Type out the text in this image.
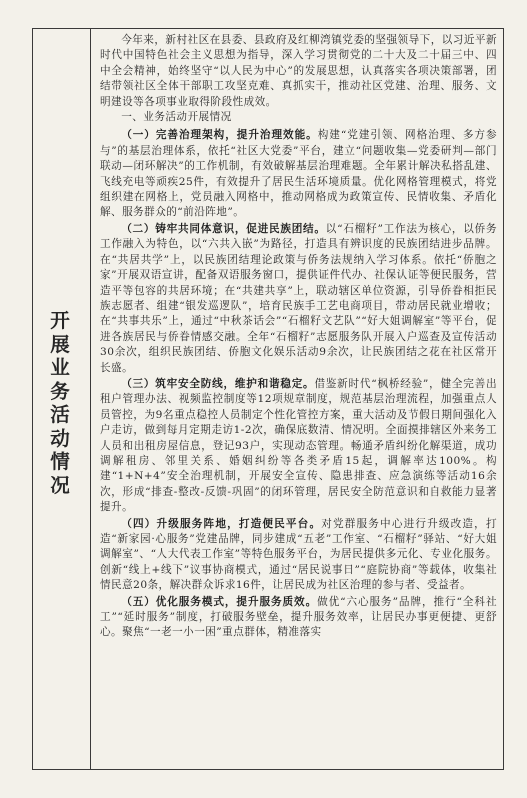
开展业务活动情况

今年来，新村社区在县委、县政府及红柳湾镇党委的坚强领导下，以习近平新时代中国特色社会主义思想为指导，深入学习贯彻党的二十大及二十届三中、四中全会精神，始终坚守“以人民为中心”的发展思想，认真落实各项决策部署，团结带领社区全体干部职工攻坚克难、真抓实干，推动社区党建、治理、服务、文明建设等各项事业取得阶段性成效。

一、业务活动开展情况

（一）完善治理架构，提升治理效能。构建“党建引领、网格治理、多方参与”的基层治理体系，依托“社区大党委”平台，建立“问题收集—党委研判—部门联动—闭环解决”的工作机制，有效破解基层治理难题。全年累计解决私搭乱建、飞线充电等顽疾25件，有效提升了居民生活环境质量。优化网格管理模式，将党组织建在网格上，党员融入网格中，推动网格成为政策宣传、民情收集、矛盾化解、服务群众的“前沿阵地”。

（二）铸牢共同体意识，促进民族团结。以“石榴籽”工作法为核心，以侨务工作融入为特色，以“六共入嵌”为路径，打造具有辨识度的民族团结进步品牌。在“共居共学”上，以民族团结理论政策与侨务法规纳入学习体系。依托“侨胞之家”开展双语宣讲，配备双语服务窗口，提供证件代办、社保认证等便民服务，营造平等包容的共居环境；在“共建共享”上，联动辖区单位资源，引导侨眷相拒民族志愿者、组建“银发巡逻队”，培育民族手工艺电商项目，带动居民就业增收；在“共事共乐”上，通过“中秋茶话会”“石榴籽文艺队”“好大姐调解室”等平台，促进各族居民与侨眷情感交融。全年“石榴籽”志愿服务队开展入户巡查及宣传活动30余次，组织民族团结、侨胞文化娱乐活动9余次，让民族团结之花在社区常开长盛。

（三）筑牢安全防线，维护和谐稳定。借鉴新时代“枫桥经验”，健全完善出租户管理办法、视频监控制度等12项规章制度，规范基层治理流程，加强重点人员管控，为9名重点稳控人员制定个性化管控方案，重大活动及节假日期间强化入户走访，做到每月定期走访1-2次，确保底数清、情况明。全面摸排辖区外来务工人员和出租房屋信息，登记93户，实现动态管理。畅通矛盾纠纷化解渠道，成功调解租房、邻里关系、婚姻纠纷等各类矛盾15起，调解率达100%。构建“1+N+4”安全治理机制，开展安全宣传、隐患排查、应急演练等活动16余次，形成“排查-整改-反馈-巩固”的闭环管理，居民安全防范意识和自救能力显著提升。

（四）升级服务阵地，打造便民平台。对党群服务中心进行升级改造，打造“新家园·心服务”党建品牌，同步建成“五老”工作室、“石榴籽”驿站、“好大姐调解室”、“人大代表工作室”等特色服务平台，为居民提供多元化、专业化服务。创新“线上+线下”议事协商模式，通过“居民说事日”“庭院协商”等载体，收集社情民意20条，解决群众诉求16件，让居民成为社区治理的参与者、受益者。

（五）优化服务模式，提升服务质效。做优“六心服务”品牌，推行“全科社工”“延时服务”制度，打破服务壁垒，提升服务效率，让居民办事更便捷、更舒心。聚焦“一老一小一困”重点群体，精准落实
